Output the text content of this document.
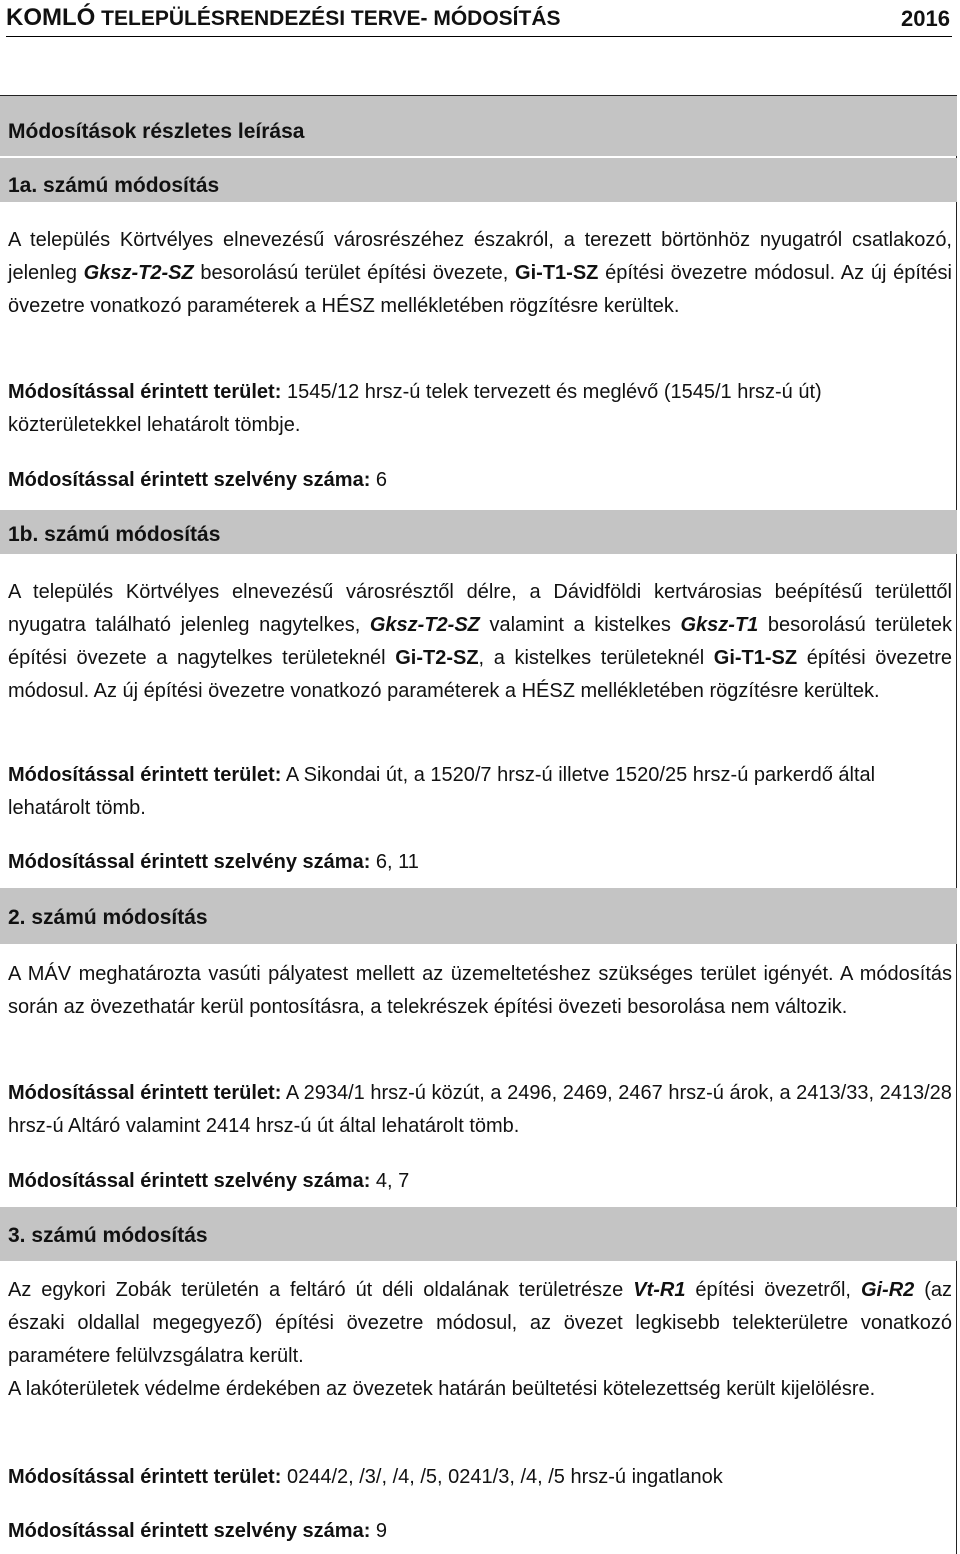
KOMLÓ TELEPÜLÉSRENDEZÉSI TERVE- MÓDOSÍTÁS	2016
Módosítások részletes leírása
1a. számú módosítás
A település Körtvélyes elnevezésű városrészéhez északról, a terezett börtönhöz nyugatról csatlakozó, jelenleg Gksz-T2-SZ besorolású terület építési övezete, Gi-T1-SZ építési övezetre módosul. Az új építési övezetre vonatkozó paraméterek a HÉSZ mellékletében rögzítésre kerültek.
Módosítással érintett terület: 1545/12 hrsz-ú telek tervezett és meglévő (1545/1 hrsz-ú út) közterületekkel lehatárolt tömbje.
Módosítással érintett szelvény száma: 6
1b. számú módosítás
A település Körtvélyes elnevezésű városrésztől délre, a Dávidföldi kertvárosias beépítésű területtől nyugatra található jelenleg nagytelkes, Gksz-T2-SZ valamint a kistelkes Gksz-T1 besorolású területek építési övezete a nagytelkes területeknél Gi-T2-SZ, a kistelkes területeknél Gi-T1-SZ építési övezetre módosul. Az új építési övezetre vonatkozó paraméterek a HÉSZ mellékletében rögzítésre kerültek.
Módosítással érintett terület: A Sikondai út, a 1520/7 hrsz-ú illetve 1520/25 hrsz-ú parkerdő által lehatárolt tömb.
Módosítással érintett szelvény száma: 6, 11
2. számú módosítás
A MÁV meghatározta vasúti pályatest mellett az üzemeltetéshez szükséges terület igényét. A módosítás során az övezethatár kerül pontosításra, a telekrészek építési övezeti besorolása nem változik.
Módosítással érintett terület: A 2934/1 hrsz-ú közút, a 2496, 2469, 2467 hrsz-ú árok, a 2413/33, 2413/28 hrsz-ú Altáró valamint 2414 hrsz-ú út által lehatárolt tömb.
Módosítással érintett szelvény száma: 4, 7
3. számú módosítás
Az egykori Zobák területén a feltáró út déli oldalának területrésze Vt-R1 építési övezetről, Gi-R2 (az északi oldallal megegyező) építési övezetre módosul, az övezet legkisebb telekterületre vonatkozó paramétere felülvzsgálatra került.
A lakóterületek védelme érdekében az övezetek határán beültetési kötelezettség került kijelölésre.
Módosítással érintett terület: 0244/2, /3/, /4, /5, 0241/3, /4, /5 hrsz-ú ingatlanok
Módosítással érintett szelvény száma: 9
